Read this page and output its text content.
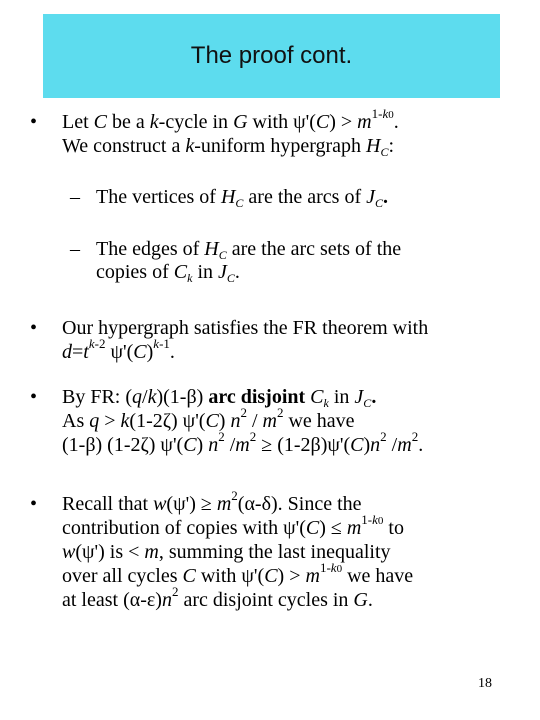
The proof cont.
• Let C be a k-cycle in G with $\psi'(C) > m^{1-k0}$.
We construct a k-uniform hypergraph $H_C$:
– The vertices of $H_C$ are the arcs of $J_C$.
– The edges of $H_C$ are the arc sets of the
copies of $C_k$ in $J_C$.
• Our hypergraph satisfies the FR theorem with
$d=t^{k-2}$ $\psi'(C)^{k-1}$.
• By FR: (q/k)(1-β) arc disjoint $C_k$ in $J_C$.
As q > k(1-2ζ) ψ'(C) $n^2 / m^2$ we have
(1-β) (1-2ζ) ψ'(C) $n^2$ $/m^2 \ge (1-2\beta)\psi'(C)n^2$ $/m^2$.
• Recall that $w(\psi') \ge m^2(\alpha-\delta)$. Since the
contribution of copies with $\psi'(C) \le m^{1-k0}$ to
w(ψ') is < m, summing the last inequality
over all cycles C with $\psi'(C) > m^{1-k0}$ we have
at least $(\alpha-\varepsilon)n^2$ arc disjoint cycles in G.
18
